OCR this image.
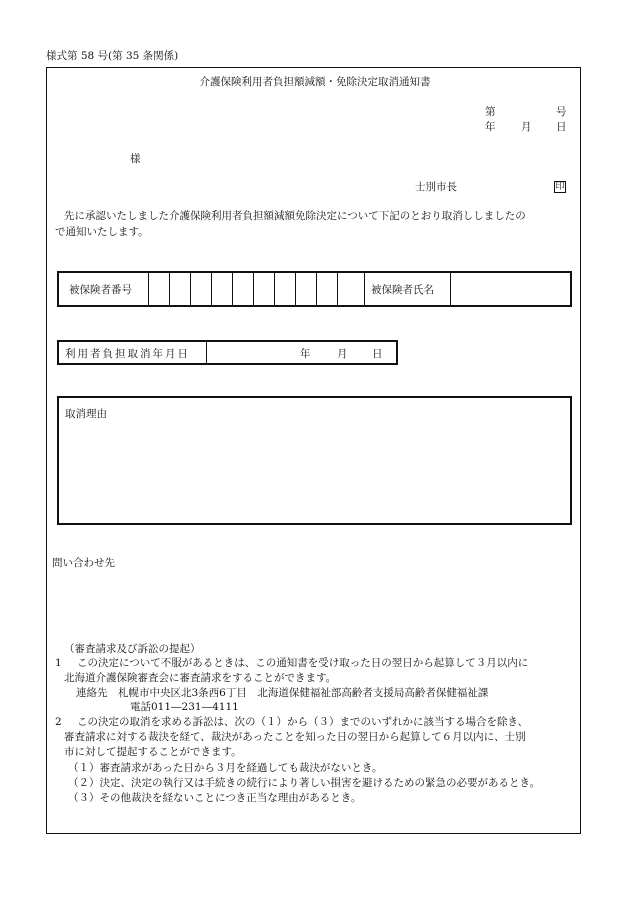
様式第 58 号(第 35 条関係)
介護保険利用者負担額減額・免除決定取消通知書
第	号
年 月 日
様
士別市長	印
先に承認いたしました介護保険利用者負担額減額免除決定について下記のとおり取消ししましたの
で通知いたします。
被保険者番号	被保険者氏名
利用者負担取消年月日	年	月 日
取消理由
問い合わせ先
（審査請求及び訴訟の提起）
1 この決定について不服があるときは、この通知書を受け取った日の翌日から起算して３月以内に
北海道介護保険審査会に審査請求をすることができます。
連絡先　札幌市中央区北3条西6丁目　北海道保健福祉部高齢者支援局高齢者保健福祉課
電話011―231―4111
2 この決定の取消を求める訴訟は、次の（１）から（３）までのいずれかに該当する場合を除き、
審査請求に対する裁決を経て、裁決があったことを知った日の翌日から起算して６月以内に、士別
市に対して提起することができます。
（１）審査請求があった日から３月を経過しても裁決がないとき。
（２）決定、決定の執行又は手続きの続行により著しい損害を避けるための緊急の必要があるとき。
（３）その他裁決を経ないことにつき正当な理由があるとき。
